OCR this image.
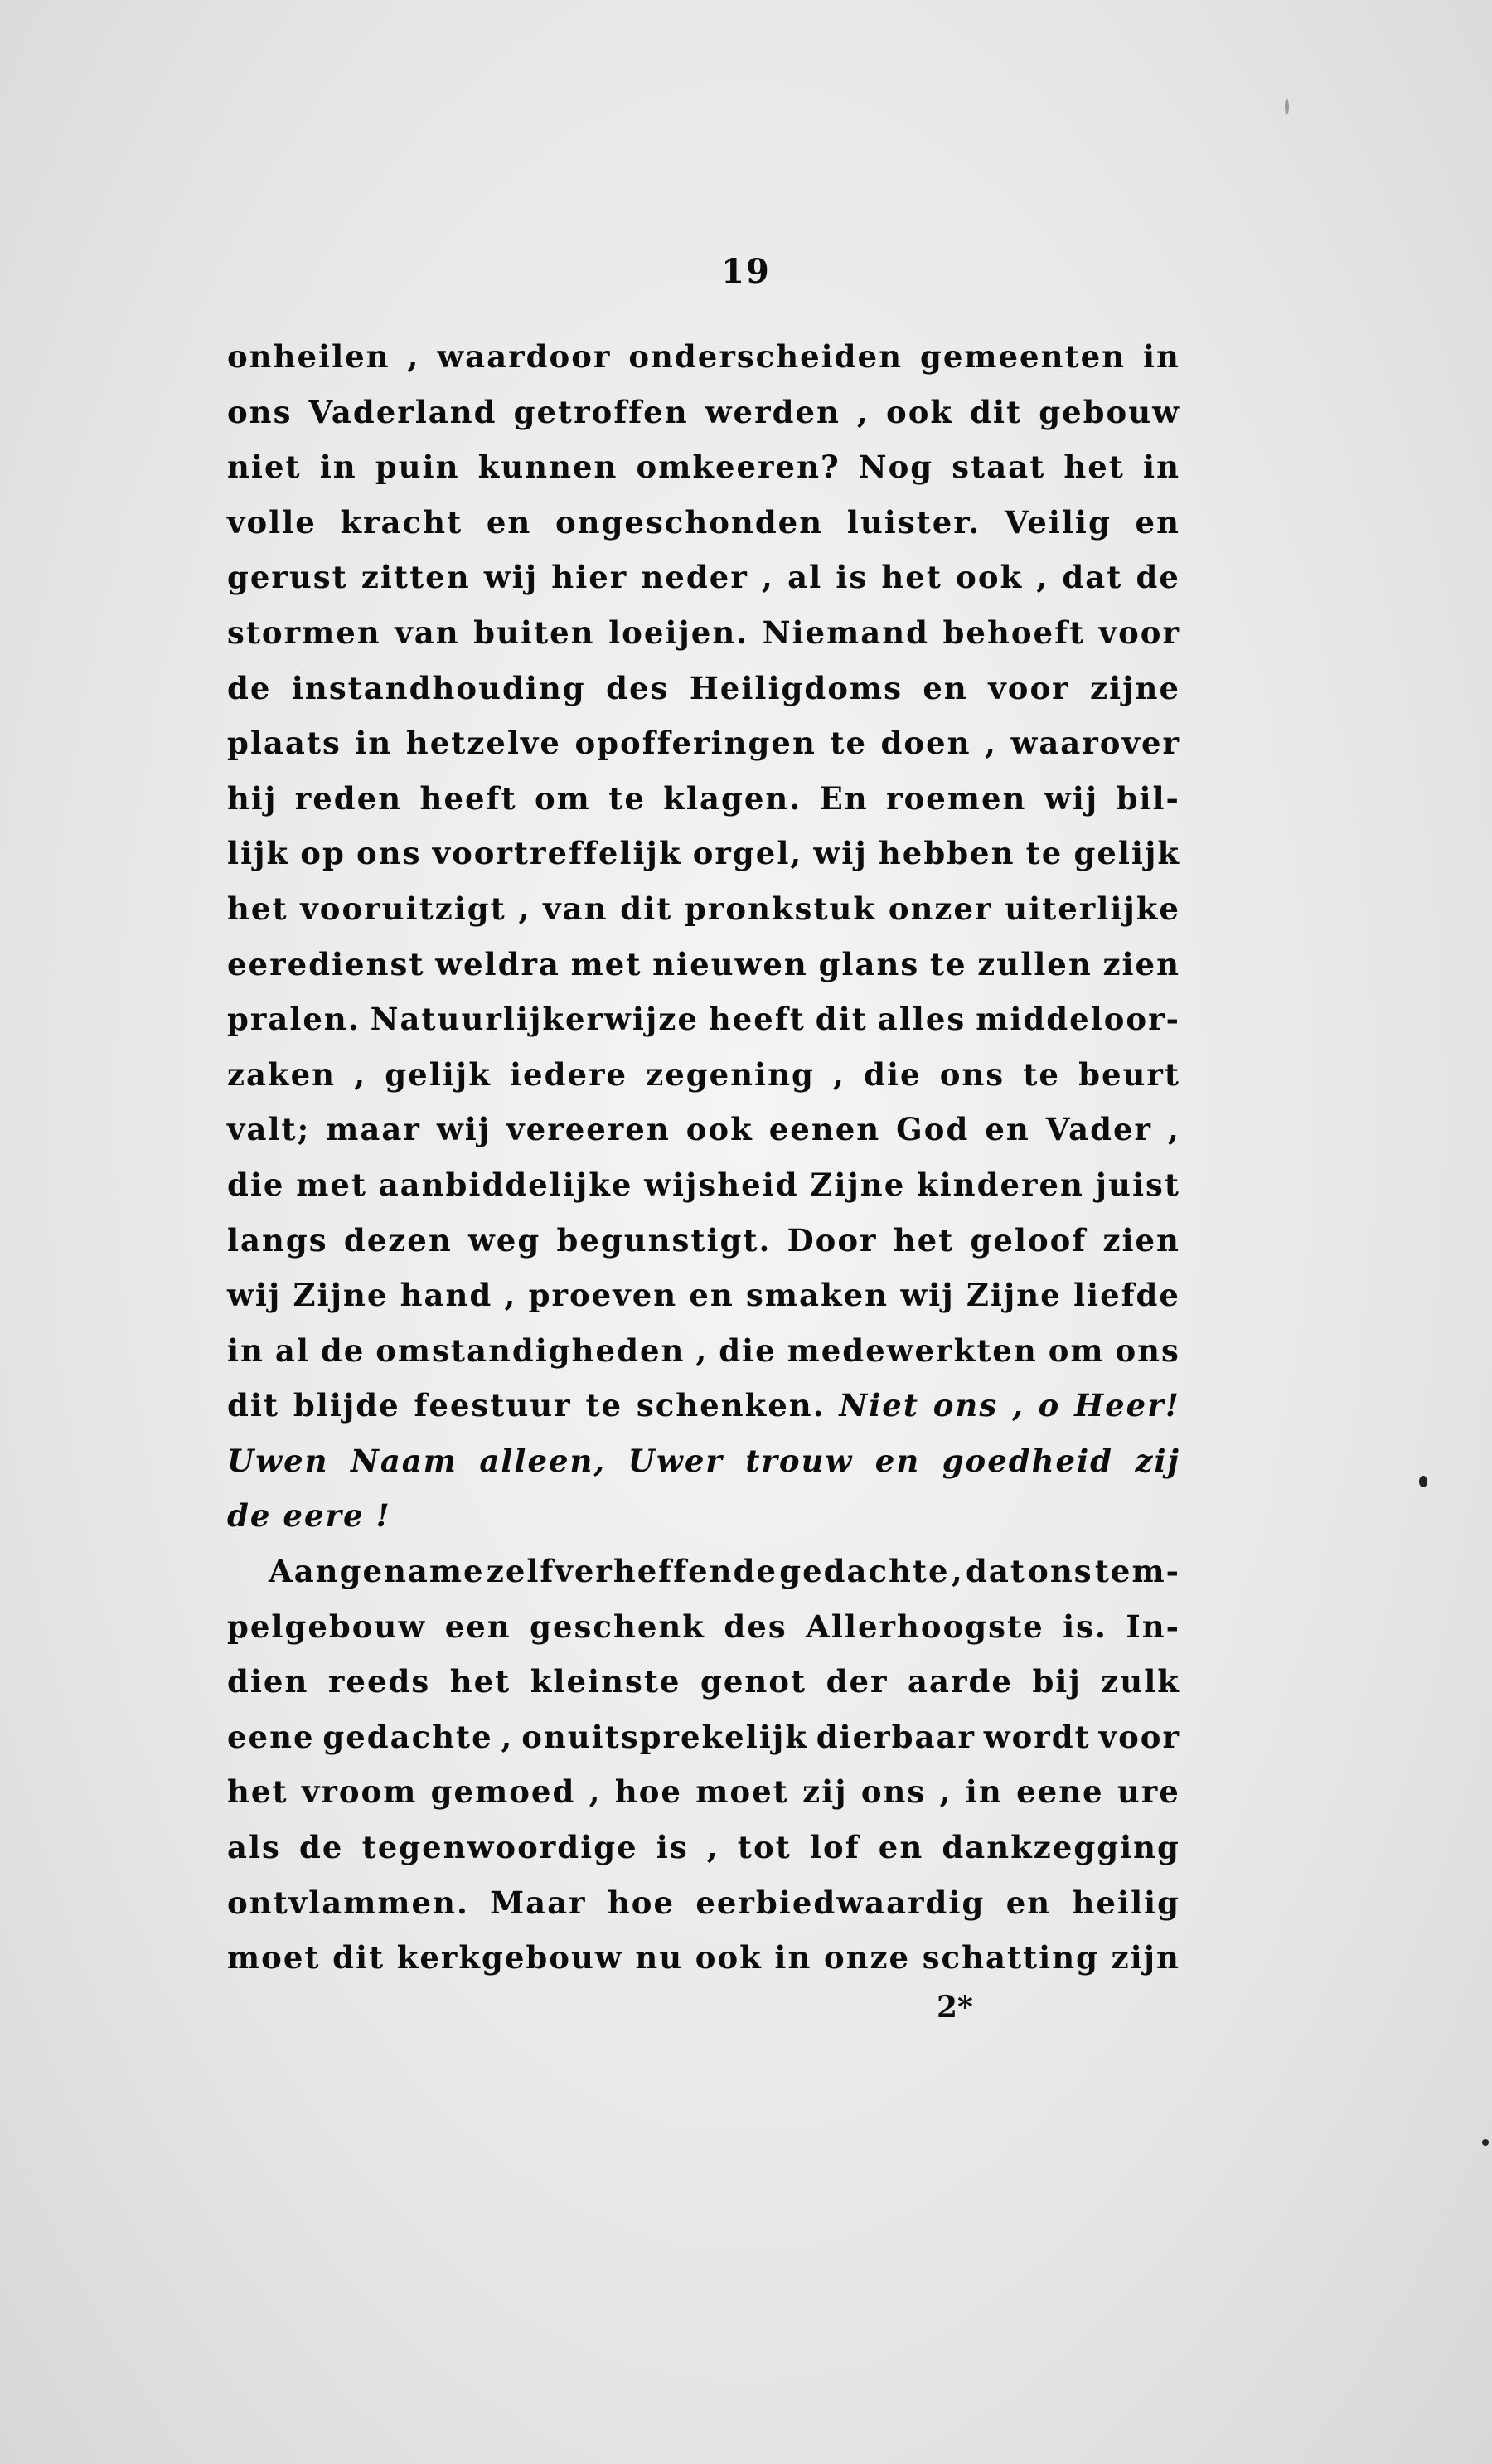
19
onheilen , waardoor onderscheiden gemeenten in
ons Vaderland getroffen werden , ook dit gebouw
niet in puin kunnen omkeeren? Nog staat het in
volle kracht en ongeschonden luister. Veilig en
gerust zitten wij hier neder , al is het ook , dat de
stormen van buiten loeijen. Niemand behoeft voor
de instandhouding des Heiligdoms en voor zijne
plaats in hetzelve opofferingen te doen , waarover
hij reden heeft om te klagen. En roemen wij bil-
lijk op ons voortreffelijk orgel, wij hebben te gelijk
het vooruitzigt , van dit pronkstuk onzer uiterlijke
eeredienst weldra met nieuwen glans te zullen zien
pralen. Natuurlijkerwijze heeft dit alles middeloor-
zaken , gelijk iedere zegening , die ons te beurt
valt; maar wij vereeren ook eenen God en Vader ,
die met aanbiddelijke wijsheid Zijne kinderen juist
langs dezen weg begunstigt. Door het geloof zien
wij Zijne hand , proeven en smaken wij Zijne liefde
in al de omstandigheden , die medewerkten om ons
dit blijde feestuur te schenken. Niet ons , o Heer!
Uwen Naam alleen, Uwer trouw en goedheid zij
de eere !
Aangename zelfverheffende gedachte , dat ons tem-
pelgebouw een geschenk des Allerhoogste is. In-
dien reeds het kleinste genot der aarde bij zulk
eene gedachte , onuitsprekelijk dierbaar wordt voor
het vroom gemoed , hoe moet zij ons , in eene ure
als de tegenwoordige is , tot lof en dankzegging
ontvlammen. Maar hoe eerbiedwaardig en heilig
moet dit kerkgebouw nu ook in onze schatting zijn
2*
